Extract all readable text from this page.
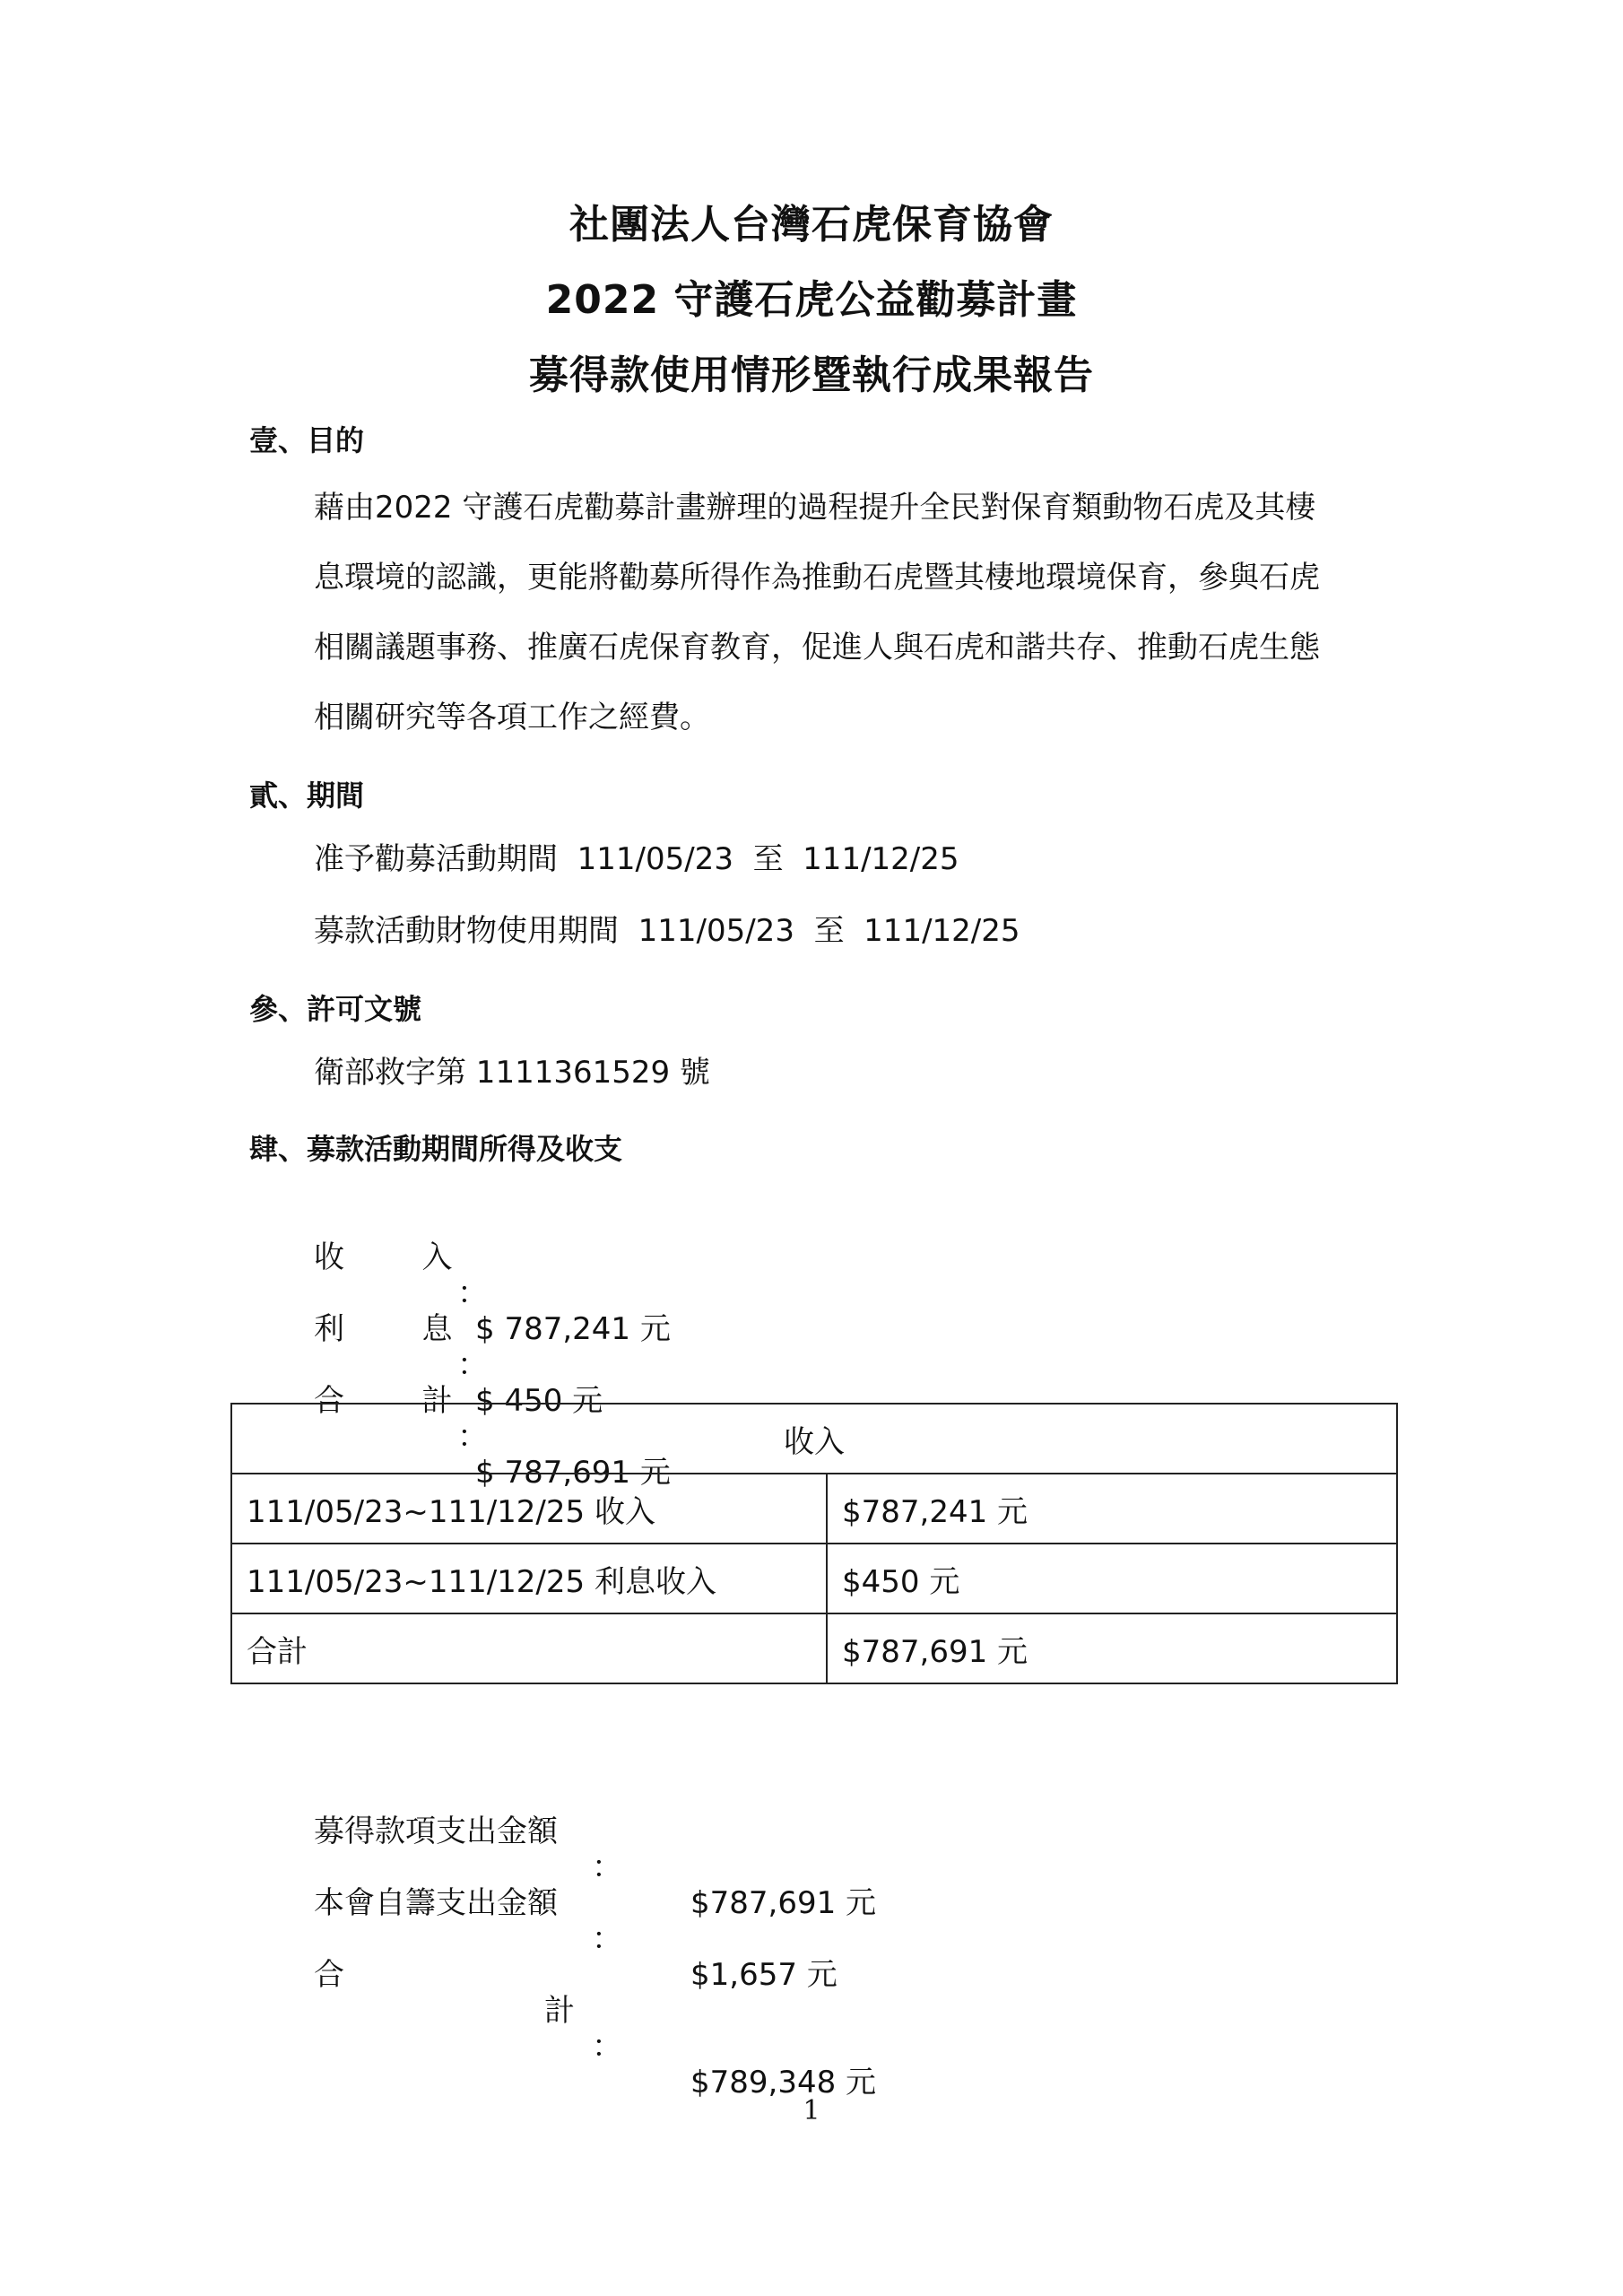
社團法人台灣石虎保育協會
2022 守護石虎公益勸募計畫
募得款使用情形暨執行成果報告
壹、目的
藉由2022 守護石虎勸募計畫辦理的過程提升全民對保育類動物石虎及其棲
息環境的認識，更能將勸募所得作為推動石虎暨其棲地環境保育，參與石虎
相關議題事務、推廣石虎保育教育，促進人與石虎和諧共存、推動石虎生態
相關研究等各項工作之經費。
貳、期間
准予勸募活動期間  111/05/23  至  111/12/25
募款活動財物使用期間  111/05/23  至  111/12/25
參、許可文號
衛部救字第 1111361529 號
肆、募款活動期間所得及收支

收        入

：

$ 787,241 元

利        息

：

$ 450 元

合        計

：

$ 787,691 元

收入	
111/05/23~111/12/25 收入	$787,241 元
111/05/23~111/12/25 利息收入	$450 元
合計	$787,691 元

募得款項支出金額

：

$787,691 元

本會自籌支出金額

：

$1,657 元

合

計

：

$789,348 元

1
